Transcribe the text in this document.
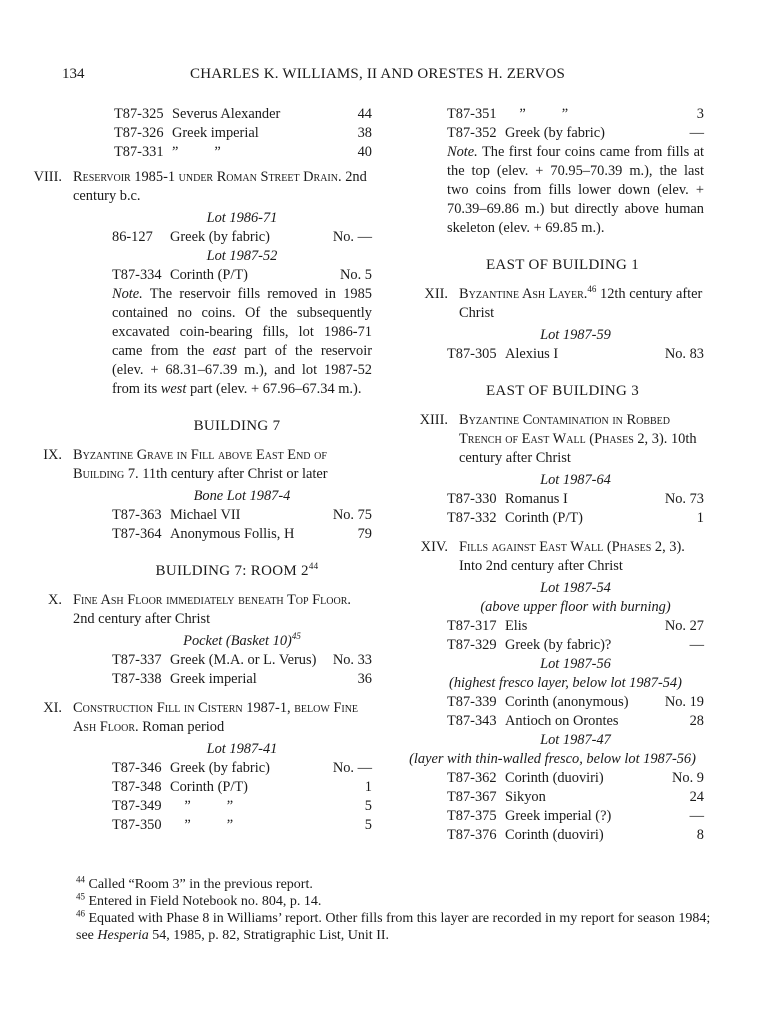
134	CHARLES K. WILLIAMS, II AND ORESTES H. ZERVOS
T87-325 Severus Alexander	44
T87-326 Greek imperial	38
T87-331 ”          ”	40
VIII. Reservoir 1985-1 under Roman Street Drain. 2nd century b.c.
Lot 1986-71
86-127	Greek (by fabric)	No. —
Lot 1987-52
T87-334 Corinth (P/T)	No. 5
Note. The reservoir fills removed in 1985 contained no coins. Of the subsequently excavated coin-bearing fills, lot 1986-71 came from the east part of the reservoir (elev. + 68.31–67.39 m.), and lot 1987-52 from its west part (elev. + 67.96–67.34 m.).
BUILDING 7
IX. Byzantine Grave in Fill above East End of Building 7. 11th century after Christ or later
Bone Lot 1987-4
T87-363 Michael VII	No. 75
T87-364 Anonymous Follis, H	79
BUILDING 7: ROOM $2^{44}$
X. Fine Ash Floor immediately beneath Top Floor. 2nd century after Christ
Pocket (Basket 10)$^{45}$
T87-337 Greek (M.A. or L. Verus)	No. 33
T87-338 Greek imperial	36
XI. Construction Fill in Cistern 1987-1, below Fine Ash Floor. Roman period
Lot 1987-41
T87-346 Greek (by fabric)	No. —
T87-348 Corinth (P/T)	1
T87-349 ”          ”	5
T87-350 ”          ”	5
T87-351 ”          ”	3
T87-352 Greek (by fabric)	—
Note. The first four coins came from fills at the top (elev. + 70.95–70.39 m.), the last two coins from fills lower down (elev. + 70.39–69.86 m.) but directly above human skeleton (elev. + 69.85 m.).
EAST OF BUILDING 1
XII. Byzantine Ash Layer.$^{46}$ 12th century after Christ
Lot 1987-59
T87-305 Alexius I	No. 83
EAST OF BUILDING 3
XIII. Byzantine Contamination in Robbed Trench of East Wall (Phases 2, 3). 10th century after Christ
Lot 1987-64
T87-330 Romanus I	No. 73
T87-332 Corinth (P/T)	1
XIV. Fills against East Wall (Phases 2, 3). Into 2nd century after Christ
Lot 1987-54
(above upper floor with burning)
T87-317 Elis	No. 27
T87-329 Greek (by fabric)?	—
Lot 1987-56
(highest fresco layer, below lot 1987-54)
T87-339 Corinth (anonymous)	No. 19
T87-343 Antioch on Orontes	28
Lot 1987-47
(layer with thin-walled fresco, below lot 1987-56)
T87-362 Corinth (duoviri)	No. 9
T87-367 Sikyon	24
T87-375 Greek imperial (?)	—
T87-376 Corinth (duoviri)	8
$^{44}$ Called “Room 3” in the previous report.
$^{45}$ Entered in Field Notebook no. 804, p. 14.
$^{46}$ Equated with Phase 8 in Williams’ report. Other fills from this layer are recorded in my report for season 1984; see Hesperia 54, 1985, p. 82, Stratigraphic List, Unit II.
